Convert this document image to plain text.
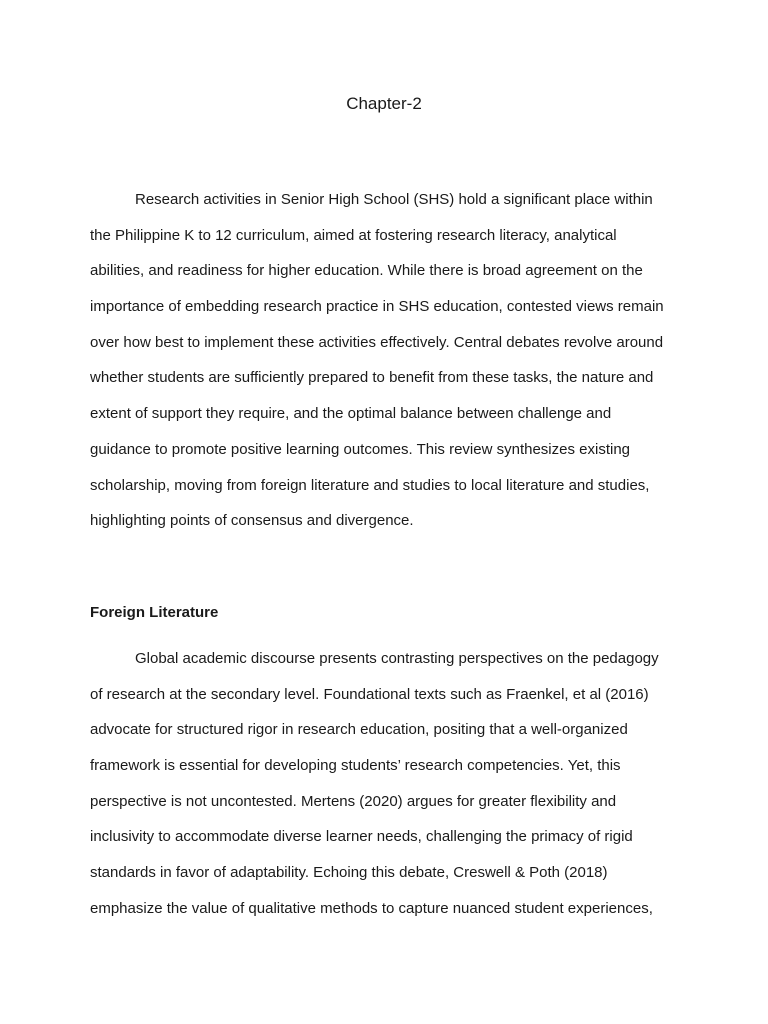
Chapter-2
Research activities in Senior High School (SHS) hold a significant place within
the Philippine K to 12 curriculum, aimed at fostering research literacy, analytical
abilities, and readiness for higher education. While there is broad agreement on the
importance of embedding research practice in SHS education, contested views remain
over how best to implement these activities effectively. Central debates revolve around
whether students are sufficiently prepared to benefit from these tasks, the nature and
extent of support they require, and the optimal balance between challenge and
guidance to promote positive learning outcomes. This review synthesizes existing
scholarship, moving from foreign literature and studies to local literature and studies,
highlighting points of consensus and divergence.
Foreign Literature
Global academic discourse presents contrasting perspectives on the pedagogy
of research at the secondary level. Foundational texts such as Fraenkel, et al (2016)
advocate for structured rigor in research education, positing that a well-organized
framework is essential for developing students’ research competencies. Yet, this
perspective is not uncontested. Mertens (2020) argues for greater flexibility and
inclusivity to accommodate diverse learner needs, challenging the primacy of rigid
standards in favor of adaptability. Echoing this debate, Creswell & Poth (2018)
emphasize the value of qualitative methods to capture nuanced student experiences,
